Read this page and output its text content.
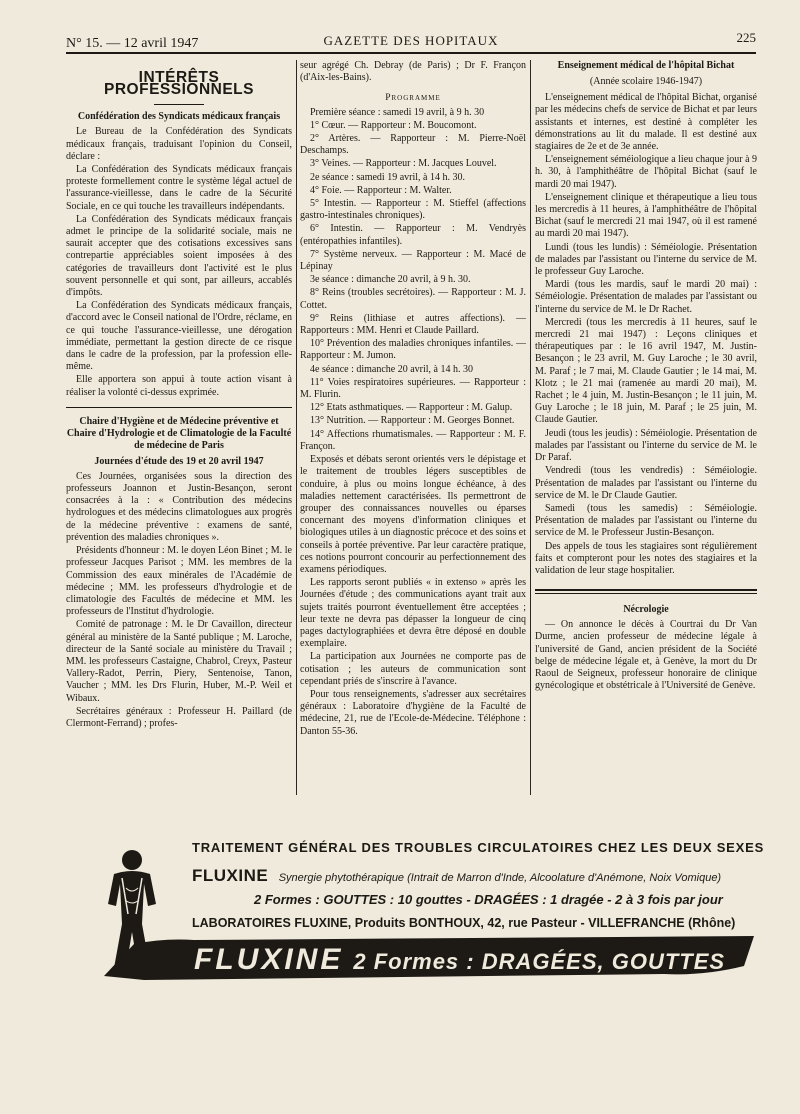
N° 15. — 12 avril 1947	GAZETTE DES HOPITAUX	225
INTÉRÊTS PROFESSIONNELS
Confédération des Syndicats médicaux français

Le Bureau de la Confédération des Syndicats médicaux français, traduisant l'opinion du Conseil, déclare :

La Confédération des Syndicats médicaux français proteste formellement contre le système légal actuel de l'assurance-vieillesse, dans le cadre de la Sécurité Sociale, en ce qui touche les travailleurs indépendants.

La Confédération des Syndicats médicaux français admet le principe de la solidarité sociale, mais ne saurait accepter que des cotisations excessives sans contrepartie appréciables soient imposées à des catégories de travailleurs dont l'activité est le plus souvent personnelle et qui sont, par ailleurs, accablés d'impôts.

La Confédération des Syndicats médicaux français, d'accord avec le Conseil national de l'Ordre, réclame, en ce qui touche l'assurance-vieillesse, une dérogation immédiate, permettant la gestion directe de ce risque dans le cadre de la profession, par la profession elle-même.

Elle apportera son appui à toute action visant à réaliser la volonté ci-dessus exprimée.

Chaire d'Hygiène et de Médecine préventive et Chaire d'Hydrologie et de Climatologie de la Faculté de médecine de Paris
Journées d'étude des 19 et 20 avril 1947

Ces Journées, organisées sous la direction des professeurs Joannon et Justin-Besançon, seront consacrées à la : « Contribution des médecins hydrologues et des médecins climatologues aux progrès de la médecine préventive : examens de santé, prévention des maladies chroniques ».

Présidents d'honneur : M. le doyen Léon Binet ; M. le professeur Jacques Parisot ; MM. les membres de la Commission des eaux minérales de l'Académie de médecine ; MM. les professeurs d'hydrologie et de climatologie des Facultés de médecine et MM. les professeurs de l'Institut d'hydrologie.

Comité de patronage : M. le Dr Cavaillon, directeur général au ministère de la Santé publique ; M. Laroche, directeur de la Santé sociale au ministère du Travail ; MM. les professeurs Castaigne, Chabrol, Creyx, Pasteur Vallery-Radot, Perrin, Piery, Sentenoise, Tanon, Vaucher ; MM. les Drs Flurin, Huber, M.-P. Weil et Wibaux.

Secrétaires généraux : Professeur H. Paillard (de Clermont-Ferrand) ; profes-

seur agrégé Ch. Debray (de Paris) ; Dr F. Françon (d'Aix-les-Bains).

Programme

Première séance : samedi 19 avril, à 9 h. 30

1° Cœur. — Rapporteur : M. Boucomont.

2° Artères. — Rapporteur : M. Pierre-Noël Deschamps.

3° Veines. — Rapporteur : M. Jacques Louvel.

2e séance : samedi 19 avril, à 14 h. 30.

4° Foie. — Rapporteur : M. Walter.

5° Intestin. — Rapporteur : M. Stieffel (affections gastro-intestinales chroniques).

6° Intestin. — Rapporteur : M. Vendryès (entéropathies infantiles).

7° Système nerveux. — Rapporteur : M. Macé de Lépinay

3e séance : dimanche 20 avril, à 9 h. 30.

8° Reins (troubles secrétoires). — Rapporteur : M. J. Cottet.

9° Reins (lithiase et autres affections). — Rapporteurs : MM. Henri et Claude Paillard.

10° Prévention des maladies chroniques infantiles. — Rapporteur : M. Jumon.

4e séance : dimanche 20 avril, à 14 h. 30

11° Voies respiratoires supérieures. — Rapporteur : M. Flurin.

12° Etats asthmatiques. — Rapporteur : M. Galup.

13° Nutrition. — Rapporteur : M. Georges Bonnet.

14° Affections rhumatismales. — Rapporteur : M. F. Françon.

Exposés et débats seront orientés vers le dépistage et le traitement de troubles légers susceptibles de conduire, à plus ou moins longue échéance, à des maladies nettement caractérisées. Ils permettront de grouper des connaissances nouvelles ou éparses concernant des moyens d'information cliniques et biologiques utiles à un diagnostic précoce et des soins et conseils à portée préventive. Par leur caractère pratique, ces notions pourront concourir au perfectionnement des examens périodiques.

Les rapports seront publiés « in extenso » après les Journées d'étude ; des communications ayant trait aux sujets traités pourront éventuellement être acceptées ; leur texte ne devra pas dépasser la longueur de cinq pages dactylographiées et devra être déposé en double exemplaire.

La participation aux Journées ne comporte pas de cotisation ; les auteurs de communication sont cependant priés de s'inscrire à l'avance.

Pour tous renseignements, s'adresser aux secrétaires généraux : Laboratoire d'hygiène de la Faculté de médecine, 21, rue de l'Ecole-de-Médecine. Téléphone : Danton 55-36.

Enseignement médical de l'hôpital Bichat
(Année scolaire 1946-1947)

L'enseignement médical de l'hôpital Bichat, organisé par les médecins chefs de service de Bichat et par leurs assistants et internes, est destiné à compléter les démonstrations au lit du malade. Il est destiné aux stagiaires de 2e et de 3e année.

L'enseignement séméiologique a lieu chaque jour à 9 h. 30, à l'amphithéâtre de l'hôpital Bichat (sauf le mardi 20 mai 1947).

L'enseignement clinique et thérapeutique a lieu tous les mercredis à 11 heures, à l'amphithéâtre de l'hôpital Bichat (sauf le mercredi 21 mai 1947, où il est ramené au mardi 20 mai 1947).

Lundi (tous les lundis) : Séméiologie. Présentation de malades par l'assistant ou l'interne du service de M. le professeur Guy Laroche.

Mardi (tous les mardis, sauf le mardi 20 mai) : Séméiologie. Présentation de malades par l'assistant ou l'interne du service de M. le Dr Rachet.

Mercredi (tous les mercredis à 11 heures, sauf le mercredi 21 mai 1947) : Leçons cliniques et thérapeutiques par : le 16 avril 1947, M. Justin-Besançon ; le 23 avril, M. Guy Laroche ; le 30 avril, M. Paraf ; le 7 mai, M. Claude Gautier ; le 14 mai, M. Klotz ; le 21 mai (ramenée au mardi 20 mai), M. Rachet ; le 4 juin, M. Justin-Besançon ; le 11 juin, M. Guy Laroche ; le 18 juin, M. Paraf ; le 25 juin, M. Claude Gautier.

Jeudi (tous les jeudis) : Séméiologie. Présentation de malades par l'assistant ou l'interne du service de M. le Dr Paraf.

Vendredi (tous les vendredis) : Séméiologie. Présentation de malades par l'assistant ou l'interne du service de M. le Dr Claude Gautier.

Samedi (tous les samedis) : Séméiologie. Présentation de malades par l'assistant ou l'interne du service de M. le Professeur Justin-Besançon.

Des appels de tous les stagiaires sont régulièrement faits et compteront pour les notes des stagiaires et la validation de leur stage hospitalier.

Nécrologie

— On annonce le décès à Courtrai du Dr Van Durme, ancien professeur de médecine légale à l'université de Gand, ancien président de la Société belge de médecine légale et, à Genève, la mort du Dr Raoul de Seigneux, professeur honoraire de clinique gynécologique et obstétricale à l'Université de Genève.

TRAITEMENT GÉNÉRAL DES TROUBLES CIRCULATOIRES CHEZ LES DEUX SEXES
FLUXINE Synergie phytothérapique (Intrait de Marron d'Inde, Alcoolature d'Anémone, Noix Vomique)
2 Formes : GOUTTES : 10 gouttes - DRAGÉES : 1 dragée - 2 à 3 fois par jour
LABORATOIRES FLUXINE, Produits BONTHOUX, 42, rue Pasteur - VILLEFRANCHE (Rhône)
FLUXINE 2 Formes : DRAGÉES, GOUTTES
